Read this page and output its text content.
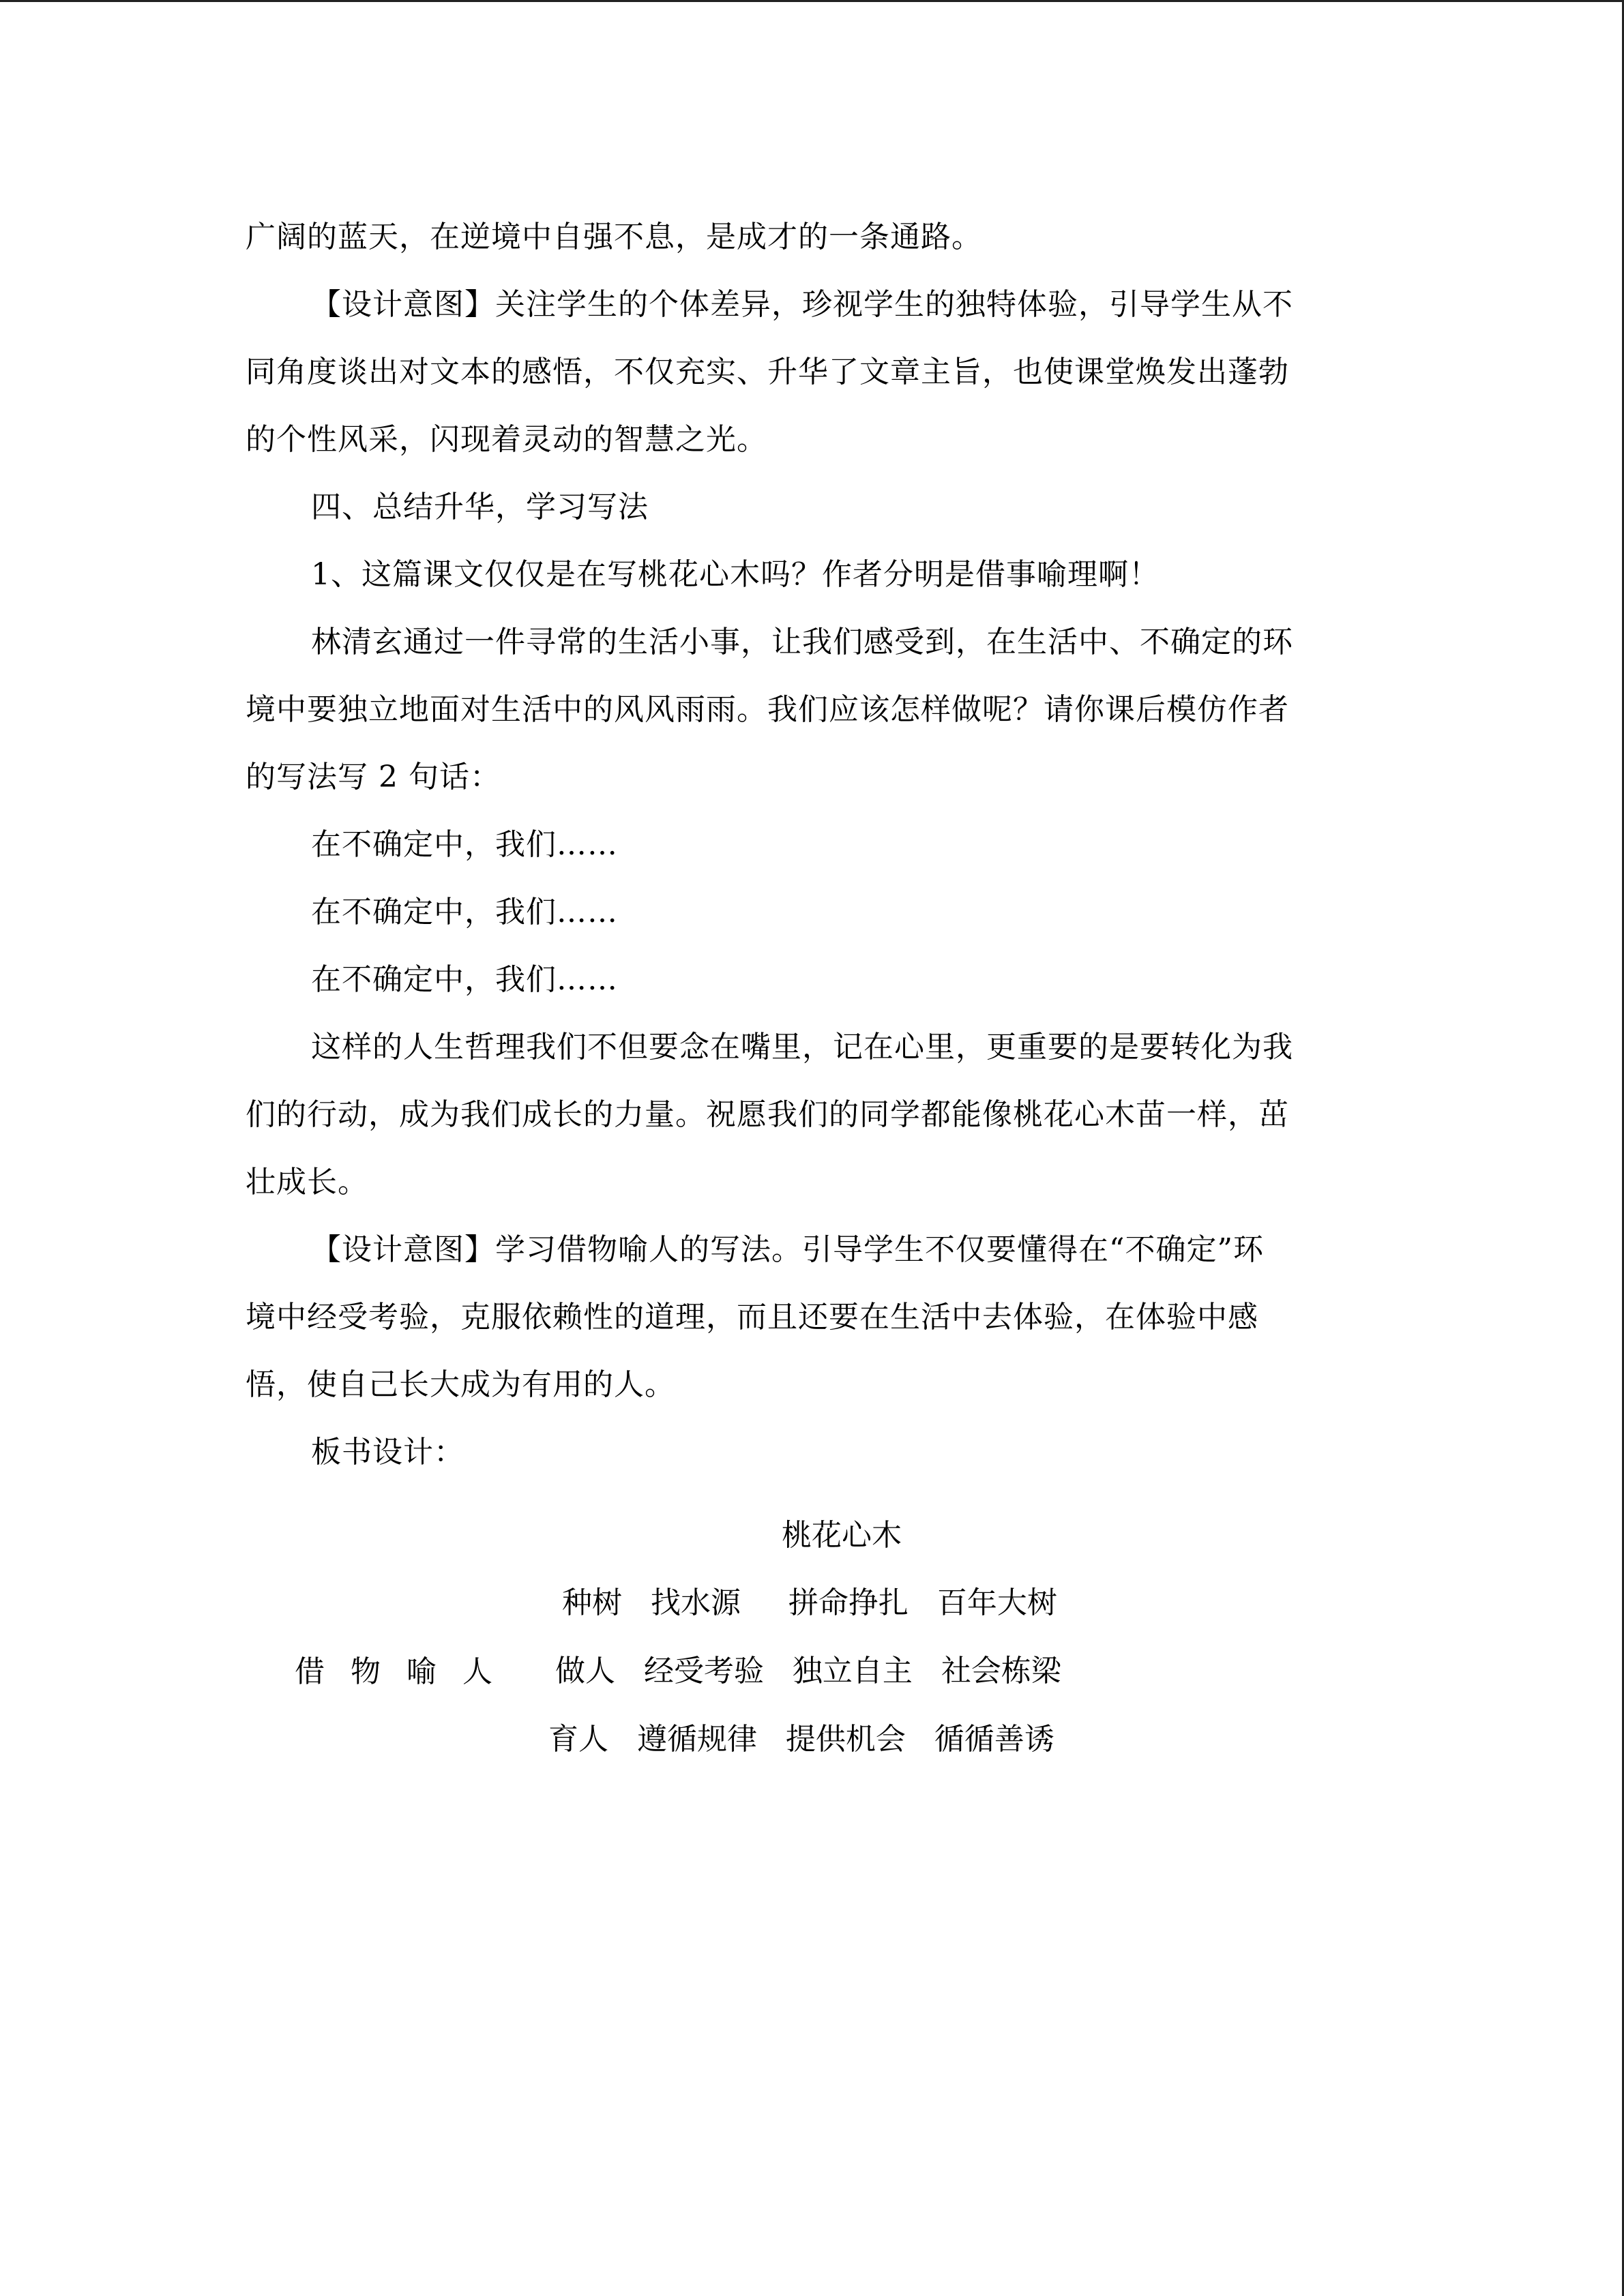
广阔的蓝天，在逆境中自强不息，是成才的一条通路。
【设计意图】关注学生的个体差异，珍视学生的独特体验，引导学生从不
同角度谈出对文本的感悟，不仅充实、升华了文章主旨，也使课堂焕发出蓬勃
的个性风采，闪现着灵动的智慧之光。
四、总结升华，学习写法
1、这篇课文仅仅是在写桃花心木吗？作者分明是借事喻理啊！
林清玄通过一件寻常的生活小事，让我们感受到，在生活中、不确定的环
境中要独立地面对生活中的风风雨雨。我们应该怎样做呢？请你课后模仿作者
的写法写 2 句话：
在不确定中，我们……
在不确定中，我们……
在不确定中，我们……
这样的人生哲理我们不但要念在嘴里，记在心里，更重要的是要转化为我
们的行动，成为我们成长的力量。祝愿我们的同学都能像桃花心木苗一样，茁
壮成长。
【设计意图】学习借物喻人的写法。引导学生不仅要懂得在“不确定”环
境中经受考验，克服依赖性的道理，而且还要在生活中去体验，在体验中感
悟，使自己长大成为有用的人。
板书设计：
桃花心木
借 物 喻 人
种树   找水源     拼命挣扎   百年大树
做人   经受考验   独立自主   社会栋梁
育人   遵循规律   提供机会   循循善诱
